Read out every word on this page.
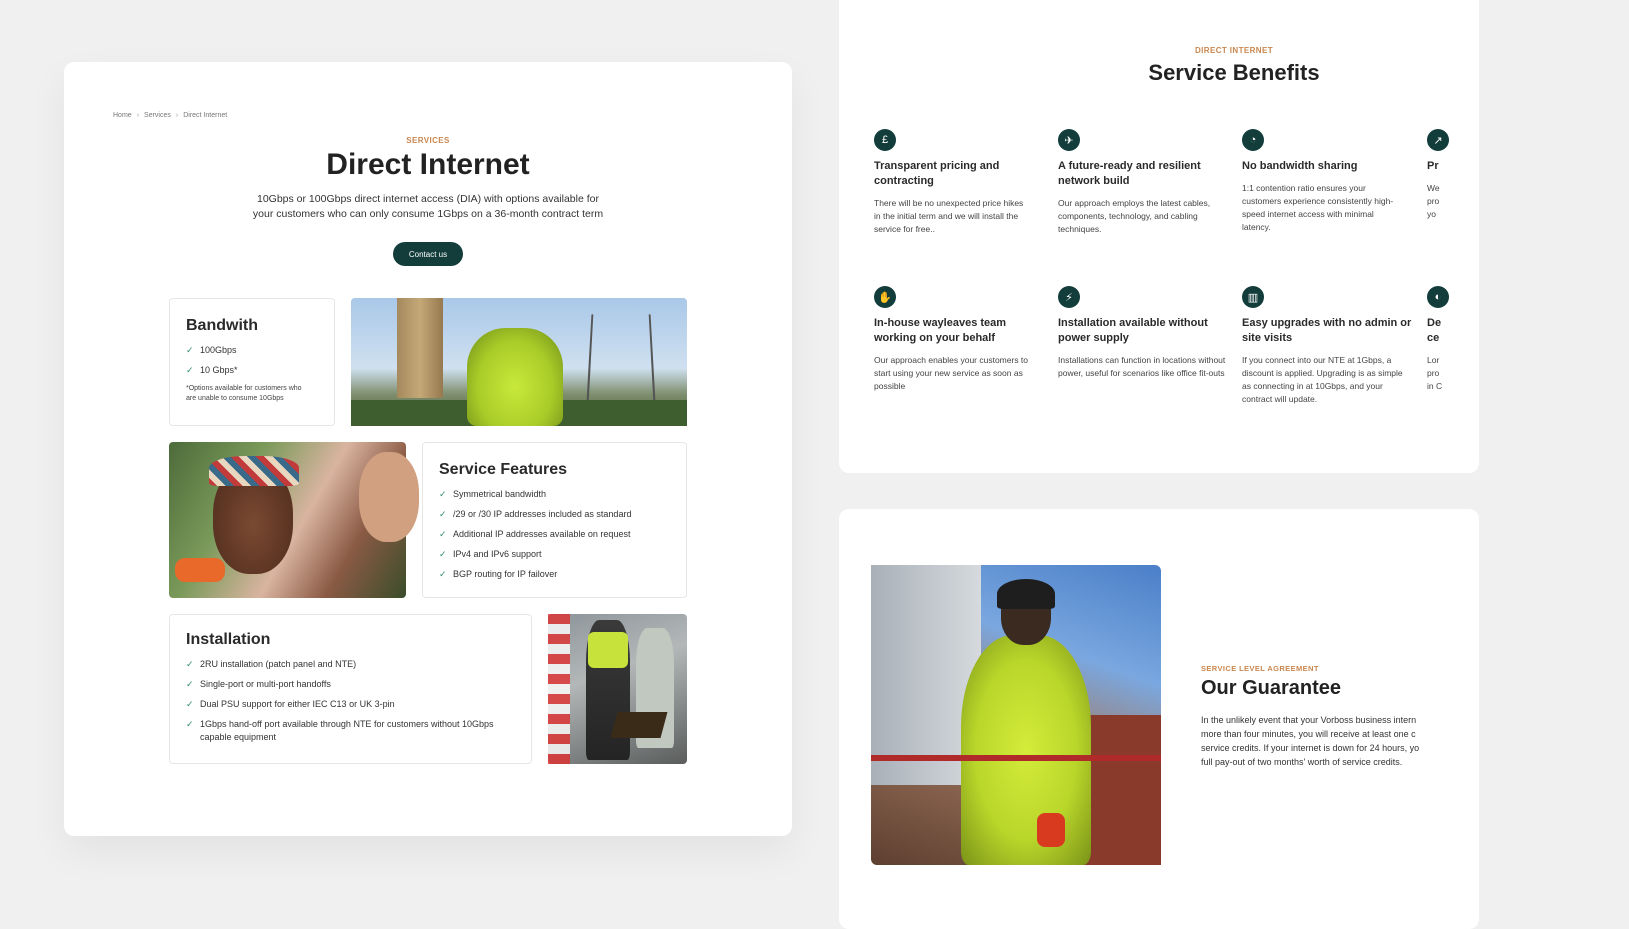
Home › Services › Direct Internet
SERVICES
Direct Internet

10Gbps or 100Gbps direct internet access (DIA) with options available for
your customers who can only consume 1Gbps on a 36-month contract term

Contact us
Bandwith
✓ 100Gbps
✓ 10 Gbps*

*Options available for customers who
are unable to consume 10Gbps

Service Features
✓ Symmetrical bandwidth
✓ /29 or /30 IP addresses included as standard
✓ Additional IP addresses available on request
✓ IPv4 and IPv6 support
✓ BGP routing for IP failover
Installation
✓ 2RU installation (patch panel and NTE)
✓ Single-port or multi-port handoffs
✓ Dual PSU support for either IEC C13 or UK 3-pin
✓ 1Gbps hand-off port available through NTE for customers without 10Gbps capable equipment
DIRECT INTERNET
Service Benefits
£
Transparent pricing and contracting
There will be no unexpected price hikes in the initial term and we will install the service for free..
✈
A future-ready and resilient network build
Our approach employs the latest cables, components, technology, and cabling techniques.
◔
No bandwidth sharing
1:1 contention ratio ensures your customers experience consistently high-speed internet access with minimal latency.
↗
Pr
We pro yo
✋
In-house wayleaves team working on your behalf
Our approach enables your customers to start using your new service as soon as possible
⚡
Installation available without power supply
Installations can function in locations without power, useful for scenarios like office fit-outs
▥
Easy upgrades with no admin or site visits
If you connect into our NTE at 1Gbps, a discount is applied. Upgrading is as simple as connecting in at 10Gbps, and your contract will update.
◐
De ce
Lor pro in C
SERVICE LEVEL AGREEMENT
Our Guarantee

In the unlikely event that your Vorboss business intern
more than four minutes, you will receive at least one c
service credits. If your internet is down for 24 hours, yo
full pay-out of two months' worth of service credits.
